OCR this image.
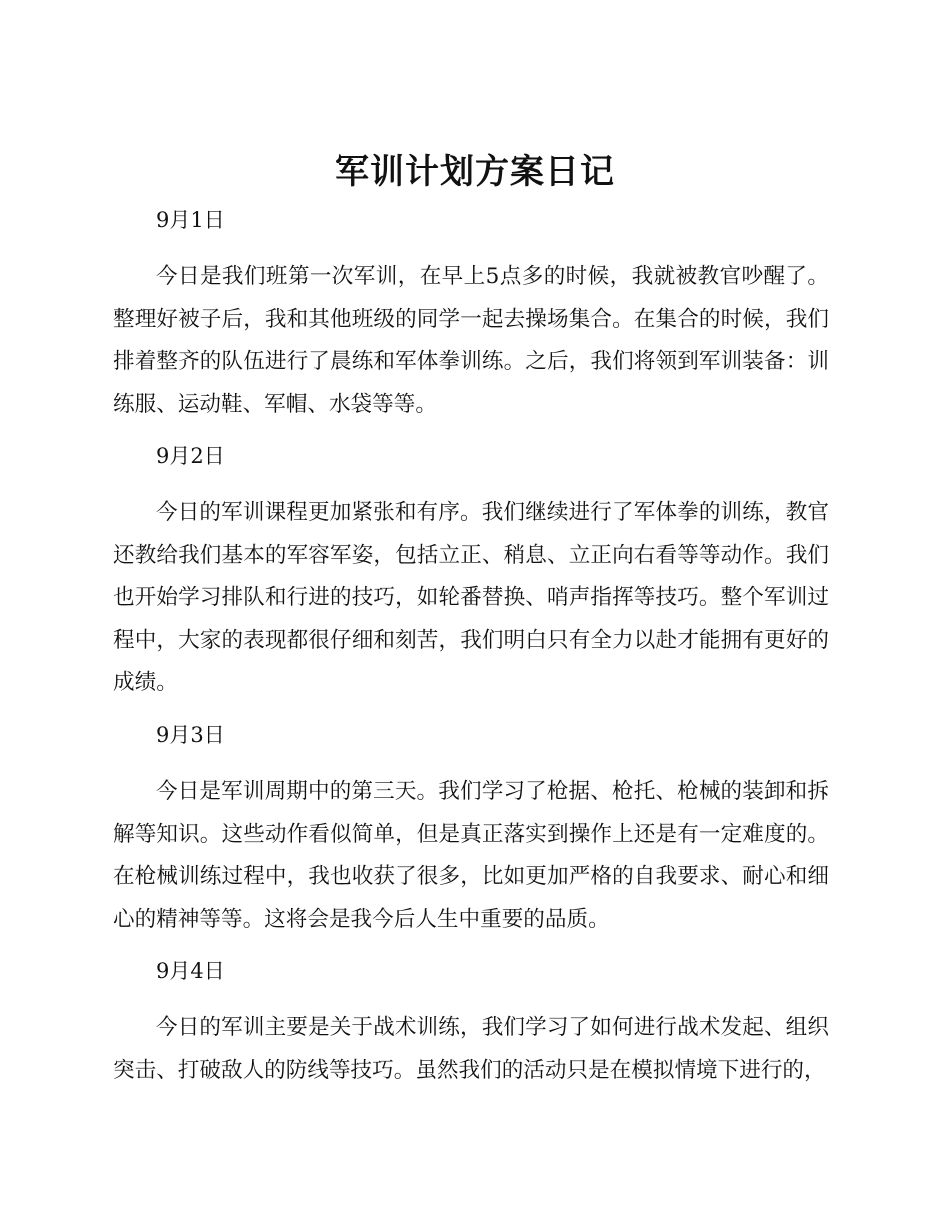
军训计划方案日记

9月1日

今日是我们班第一次军训，在早上5点多的时候，我就被教官吵醒了。整理好被子后，我和其他班级的同学一起去操场集合。在集合的时候，我们排着整齐的队伍进行了晨练和军体拳训练。之后，我们将领到军训装备：训练服、运动鞋、军帽、水袋等等。

9月2日

今日的军训课程更加紧张和有序。我们继续进行了军体拳的训练，教官还教给我们基本的军容军姿，包括立正、稍息、立正向右看等等动作。我们也开始学习排队和行进的技巧，如轮番替换、哨声指挥等技巧。整个军训过程中，大家的表现都很仔细和刻苦，我们明白只有全力以赴才能拥有更好的成绩。

9月3日

今日是军训周期中的第三天。我们学习了枪据、枪托、枪械的装卸和拆解等知识。这些动作看似简单，但是真正落实到操作上还是有一定难度的。在枪械训练过程中，我也收获了很多，比如更加严格的自我要求、耐心和细心的精神等等。这将会是我今后人生中重要的品质。

9月4日

今日的军训主要是关于战术训练，我们学习了如何进行战术发起、组织突击、打破敌人的防线等技巧。虽然我们的活动只是在模拟情境下进行的，
